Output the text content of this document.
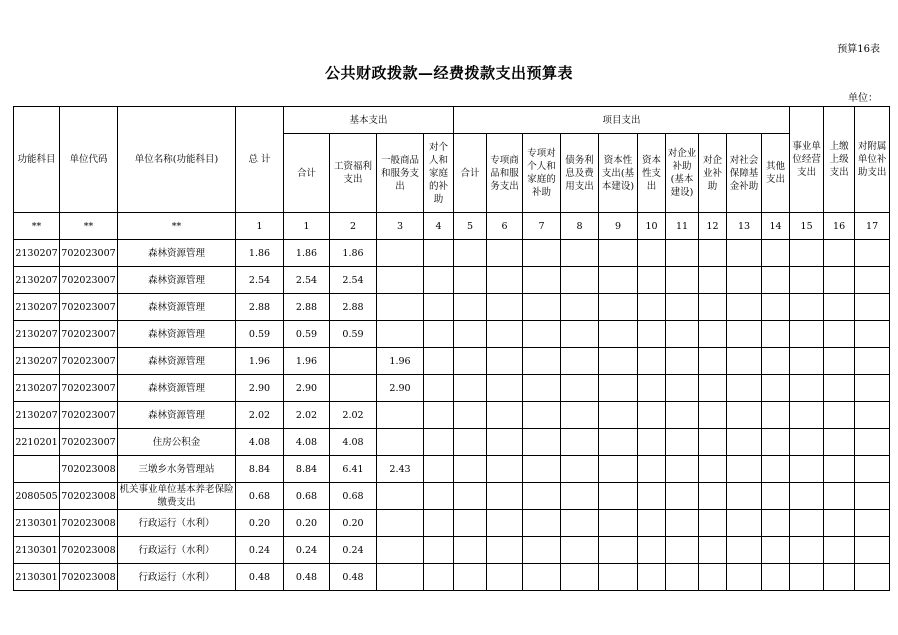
预算16表
公共财政拨款—经费拨款支出预算表
单位：
功能科目	单位代码	单位名称(功能科目)	总 计	基本支出				项目支出										事业单位经营支出	上缴上级支出	对附属单位补助支出
				合计	工资福利支出	一般商品和服务支出	对个人和家庭的补助	合计	专项商品和服务支出	专项对个人和家庭的补助	债务利息及费用支出	资本性支出(基本建设)	资本性支出	对企业补助(基本建设)	对企业补助	对社会保障基金补助	其他支出			
**	**	**	1	1	2	3	4	5	6	7	8	9	10	11	12	13	14	15	16	17
2130207	702023007	森林资源管理	1.86	1.86	1.86															
2130207	702023007	森林资源管理	2.54	2.54	2.54															
2130207	702023007	森林资源管理	2.88	2.88	2.88															
2130207	702023007	森林资源管理	0.59	0.59	0.59															
2130207	702023007	森林资源管理	1.96	1.96		1.96														
2130207	702023007	森林资源管理	2.90	2.90		2.90														
2130207	702023007	森林资源管理	2.02	2.02	2.02															
2210201	702023007	住房公积金	4.08	4.08	4.08															
	702023008	三墩乡水务管理站	8.84	8.84	6.41	2.43														
2080505	702023008	机关事业单位基本养老保险缴费支出	0.68	0.68	0.68															
2130301	702023008	行政运行（水利）	0.20	0.20	0.20															
2130301	702023008	行政运行（水利）	0.24	0.24	0.24															
2130301	702023008	行政运行（水利）	0.48	0.48	0.48															
